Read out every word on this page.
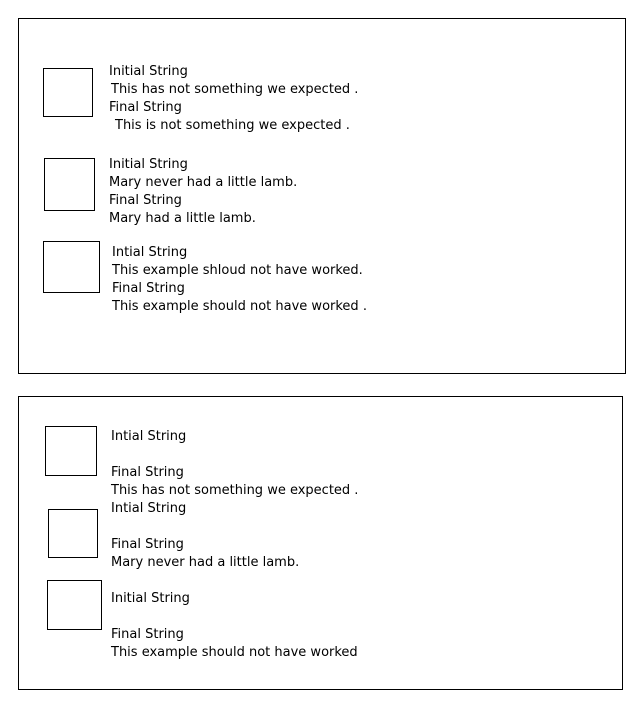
Initial String
This has not something we expected .
Final String
This is not something we expected .
Initial String
Mary never had a little lamb.
Final String
Mary had a little lamb.
Intial String
This example shloud not have worked.
Final String
This example should not have worked .
Intial String
Final String
This has not something we expected .
Intial String
Final String
Mary never had a little lamb.
Initial String
Final String
This example should not have worked
